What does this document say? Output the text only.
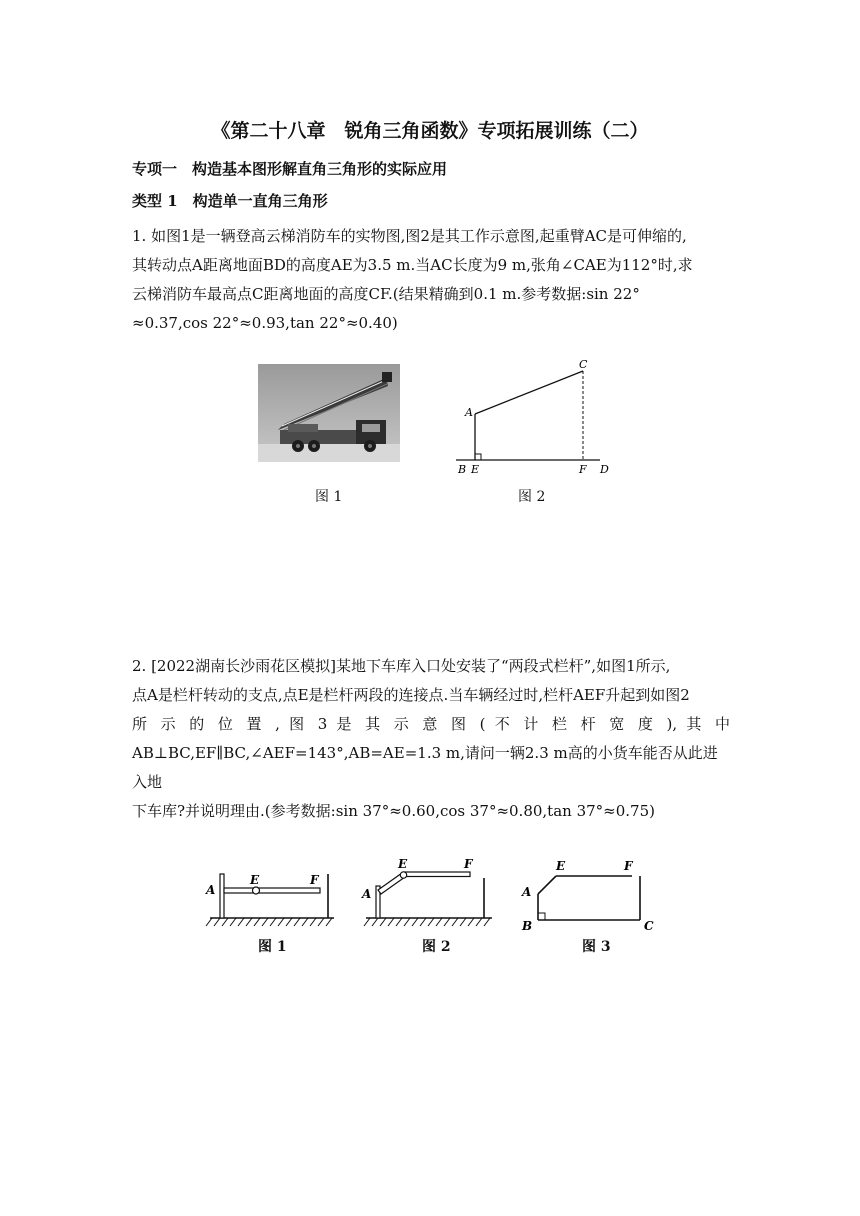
《第二十八章　锐角三角函数》专项拓展训练（二）
专项一　构造基本图形解直角三角形的实际应用
类型 1　构造单一直角三角形

1. 如图1是一辆登高云梯消防车的实物图,图2是其工作示意图,起重臂AC是可伸缩的,

其转动点A距离地面BD的高度AE为3.5 m.当AC长度为9 m,张角∠CAE为112°时,求

云梯消防车最高点C距离地面的高度CF.(结果精确到0.1 m.参考数据:sin 22°

≈0.37,cos 22°≈0.93,tan 22°≈0.40)

图 1
A
B E	F D
C
图 2

2. [2022湖南长沙雨花区模拟]某地下车库入口处安装了“两段式栏杆”,如图1所示,

点A是栏杆转动的支点,点E是栏杆两段的连接点.当车辆经过时,栏杆AEF升起到如图2

所 示 的 位 置 , 图 3 是 其 示 意 图 ( 不 计 栏 杆 宽 度 ), 其 中

AB⊥BC,EF∥BC,∠AEF=143°,AB=AE=1.3 m,请问一辆2.3 m高的小货车能否从此进入地

下车库?并说明理由.(参考数据:sin 37°≈0.60,cos 37°≈0.80,tan 37°≈0.75)

A
E	F
图 1
A
E	F
图 2
A
B	C
E	F
图 3
